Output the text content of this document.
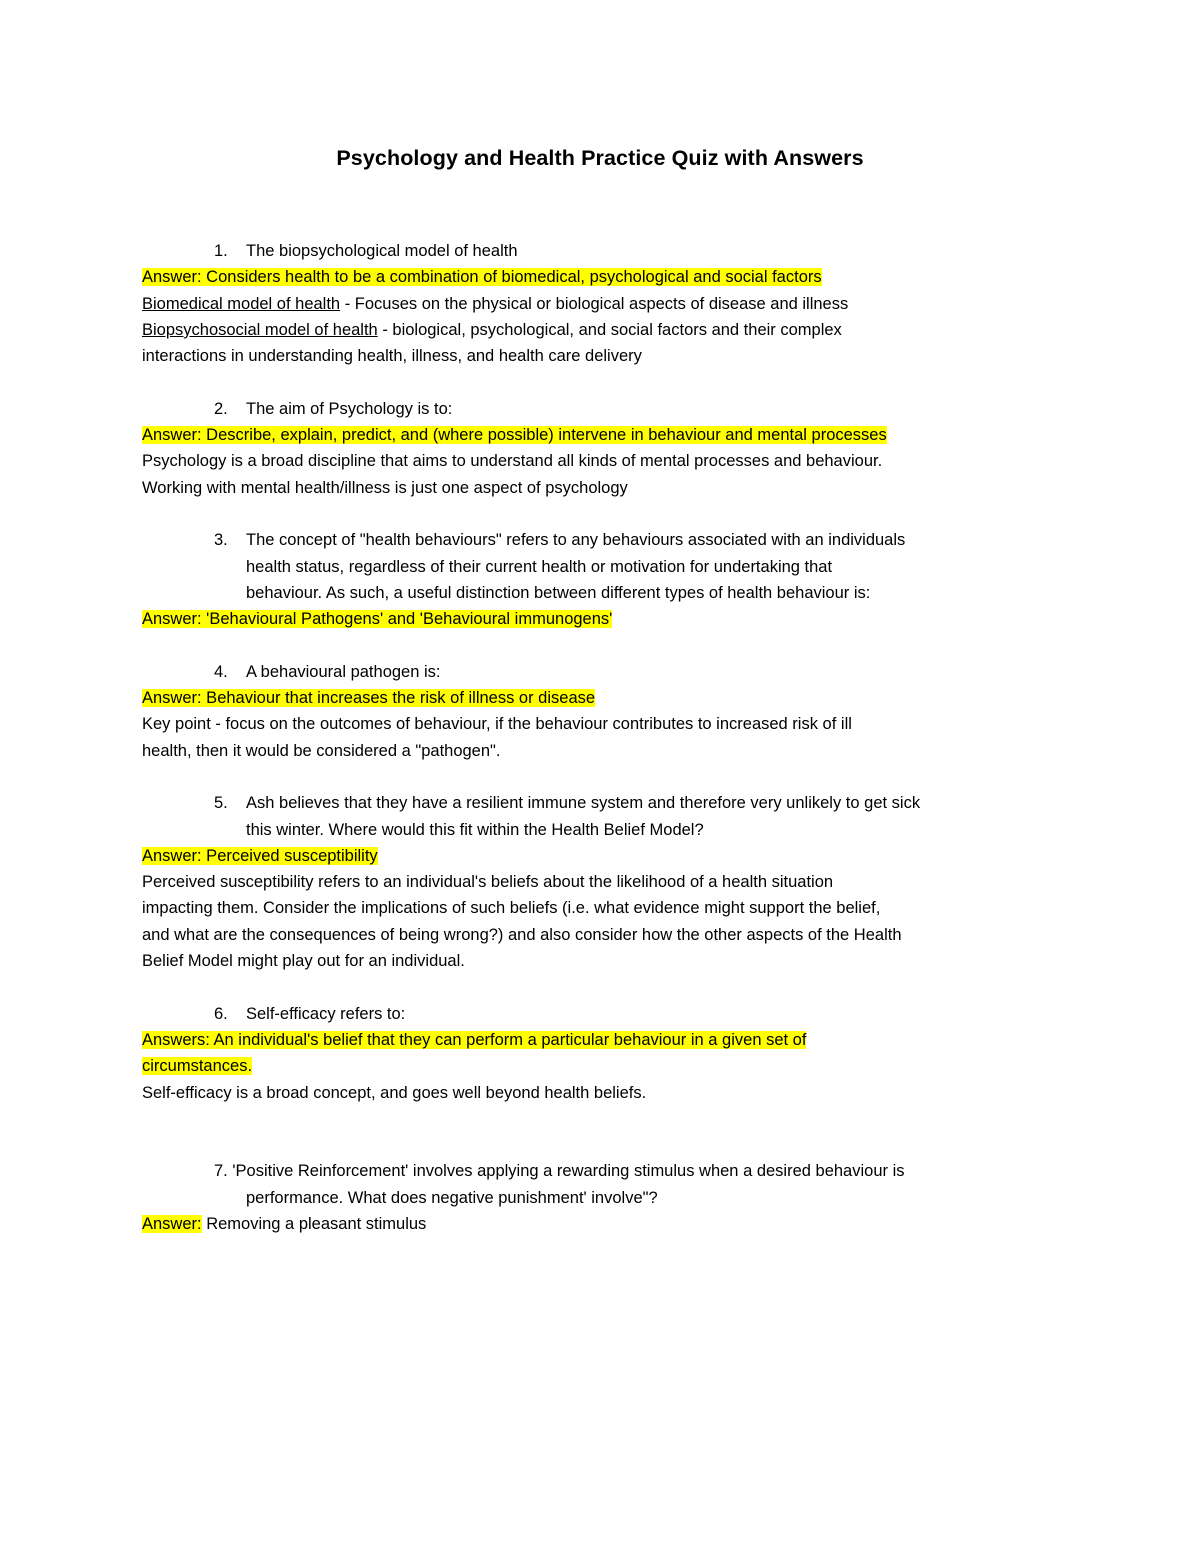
Psychology and Health Practice Quiz with Answers
1. The biopsychological model of health
Answer: Considers health to be a combination of biomedical, psychological and social factors
Biomedical model of health - Focuses on the physical or biological aspects of disease and illness
Biopsychosocial model of health - biological, psychological, and social factors and their complex
interactions in understanding health, illness, and health care delivery
2. The aim of Psychology is to:
Answer: Describe, explain, predict, and (where possible) intervene in behaviour and mental processes
Psychology is a broad discipline that aims to understand all kinds of mental processes and behaviour.
Working with mental health/illness is just one aspect of psychology
3. The concept of "health behaviours" refers to any behaviours associated with an individuals
health status, regardless of their current health or motivation for undertaking that
behaviour. As such, a useful distinction between different types of health behaviour is:
Answer: 'Behavioural Pathogens' and 'Behavioural immunogens'
4. A behavioural pathogen is:
Answer: Behaviour that increases the risk of illness or disease
Key point - focus on the outcomes of behaviour, if the behaviour contributes to increased risk of ill
health, then it would be considered a "pathogen".
5. Ash believes that they have a resilient immune system and therefore very unlikely to get sick
this winter. Where would this fit within the Health Belief Model?
Answer: Perceived susceptibility
Perceived susceptibility refers to an individual's beliefs about the likelihood of a health situation
impacting them. Consider the implications of such beliefs (i.e. what evidence might support the belief,
and what are the consequences of being wrong?) and also consider how the other aspects of the Health
Belief Model might play out for an individual.
6. Self-efficacy refers to:
Answers: An individual's belief that they can perform a particular behaviour in a given set of
circumstances.
Self-efficacy is a broad concept, and goes well beyond health beliefs.
7. 'Positive Reinforcement' involves applying a rewarding stimulus when a desired behaviour is
performance. What does negative punishment' involve"?
Answer: Removing a pleasant stimulus
